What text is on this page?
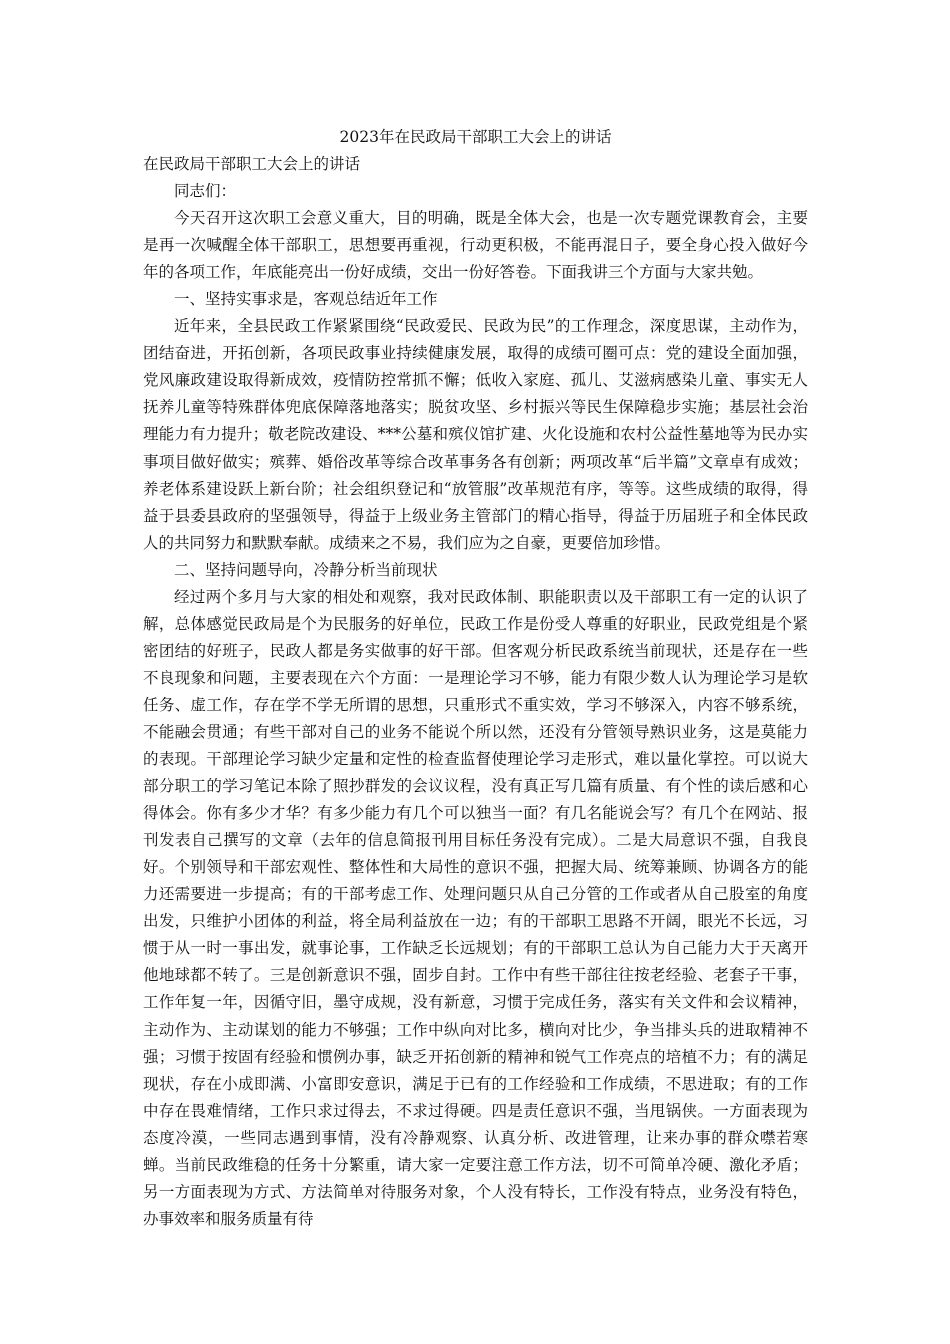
2023年在民政局干部职工大会上的讲话

在民政局干部职工大会上的讲话

同志们：

今天召开这次职工会意义重大，目的明确，既是全体大会，也是一次专题党课教育会，主要是再一次喊醒全体干部职工，思想要再重视，行动更积极，不能再混日子，要全身心投入做好今年的各项工作，年底能亮出一份好成绩，交出一份好答卷。下面我讲三个方面与大家共勉。

一、坚持实事求是，客观总结近年工作

近年来，全县民政工作紧紧围绕“民政爱民、民政为民”的工作理念，深度思谋，主动作为，团结奋进，开拓创新，各项民政事业持续健康发展，取得的成绩可圈可点：党的建设全面加强，党风廉政建设取得新成效，疫情防控常抓不懈；低收入家庭、孤儿、艾滋病感染儿童、事实无人抚养儿童等特殊群体兜底保障落地落实；脱贫攻坚、乡村振兴等民生保障稳步实施；基层社会治理能力有力提升；敬老院改建设、***公墓和殡仪馆扩建、火化设施和农村公益性墓地等为民办实事项目做好做实；殡葬、婚俗改革等综合改革事务各有创新；两项改革“后半篇”文章卓有成效；养老体系建设跃上新台阶；社会组织登记和“放管服”改革规范有序，等等。这些成绩的取得，得益于县委县政府的坚强领导，得益于上级业务主管部门的精心指导，得益于历届班子和全体民政人的共同努力和默默奉献。成绩来之不易，我们应为之自豪，更要倍加珍惜。

二、坚持问题导向，冷静分析当前现状

经过两个多月与大家的相处和观察，我对民政体制、职能职责以及干部职工有一定的认识了解，总体感觉民政局是个为民服务的好单位，民政工作是份受人尊重的好职业，民政党组是个紧密团结的好班子，民政人都是务实做事的好干部。但客观分析民政系统当前现状，还是存在一些不良现象和问题，主要表现在六个方面：一是理论学习不够，能力有限少数人认为理论学习是软任务、虚工作，存在学不学无所谓的思想，只重形式不重实效，学习不够深入，内容不够系统，不能融会贯通；有些干部对自己的业务不能说个所以然，还没有分管领导熟识业务，这是莫能力的表现。干部理论学习缺少定量和定性的检查监督使理论学习走形式，难以量化掌控。可以说大部分职工的学习笔记本除了照抄群发的会议议程，没有真正写几篇有质量、有个性的读后感和心得体会。你有多少才华？有多少能力有几个可以独当一面？有几名能说会写？有几个在网站、报刊发表自己撰写的文章（去年的信息简报刊用目标任务没有完成）。二是大局意识不强，自我良好。个别领导和干部宏观性、整体性和大局性的意识不强，把握大局、统筹兼顾、协调各方的能力还需要进一步提高；有的干部考虑工作、处理问题只从自己分管的工作或者从自己股室的角度出发，只维护小团体的利益，将全局利益放在一边；有的干部职工思路不开阔，眼光不长远，习惯于从一时一事出发，就事论事，工作缺乏长远规划；有的干部职工总认为自己能力大于天离开他地球都不转了。三是创新意识不强，固步自封。工作中有些干部往往按老经验、老套子干事，工作年复一年，因循守旧，墨守成规，没有新意，习惯于完成任务，落实有关文件和会议精神，主动作为、主动谋划的能力不够强；工作中纵向对比多，横向对比少，争当排头兵的进取精神不强；习惯于按固有经验和惯例办事，缺乏开拓创新的精神和锐气工作亮点的培植不力；有的满足现状，存在小成即满、小富即安意识，满足于已有的工作经验和工作成绩，不思进取；有的工作中存在畏难情绪，工作只求过得去，不求过得硬。四是责任意识不强，当甩锅侠。一方面表现为态度冷漠，一些同志遇到事情，没有冷静观察、认真分析、改进管理，让来办事的群众噤若寒蝉。当前民政维稳的任务十分繁重，请大家一定要注意工作方法，切不可简单冷硬、激化矛盾；另一方面表现为方式、方法简单对待服务对象，个人没有特长，工作没有特点，业务没有特色，办事效率和服务质量有待
